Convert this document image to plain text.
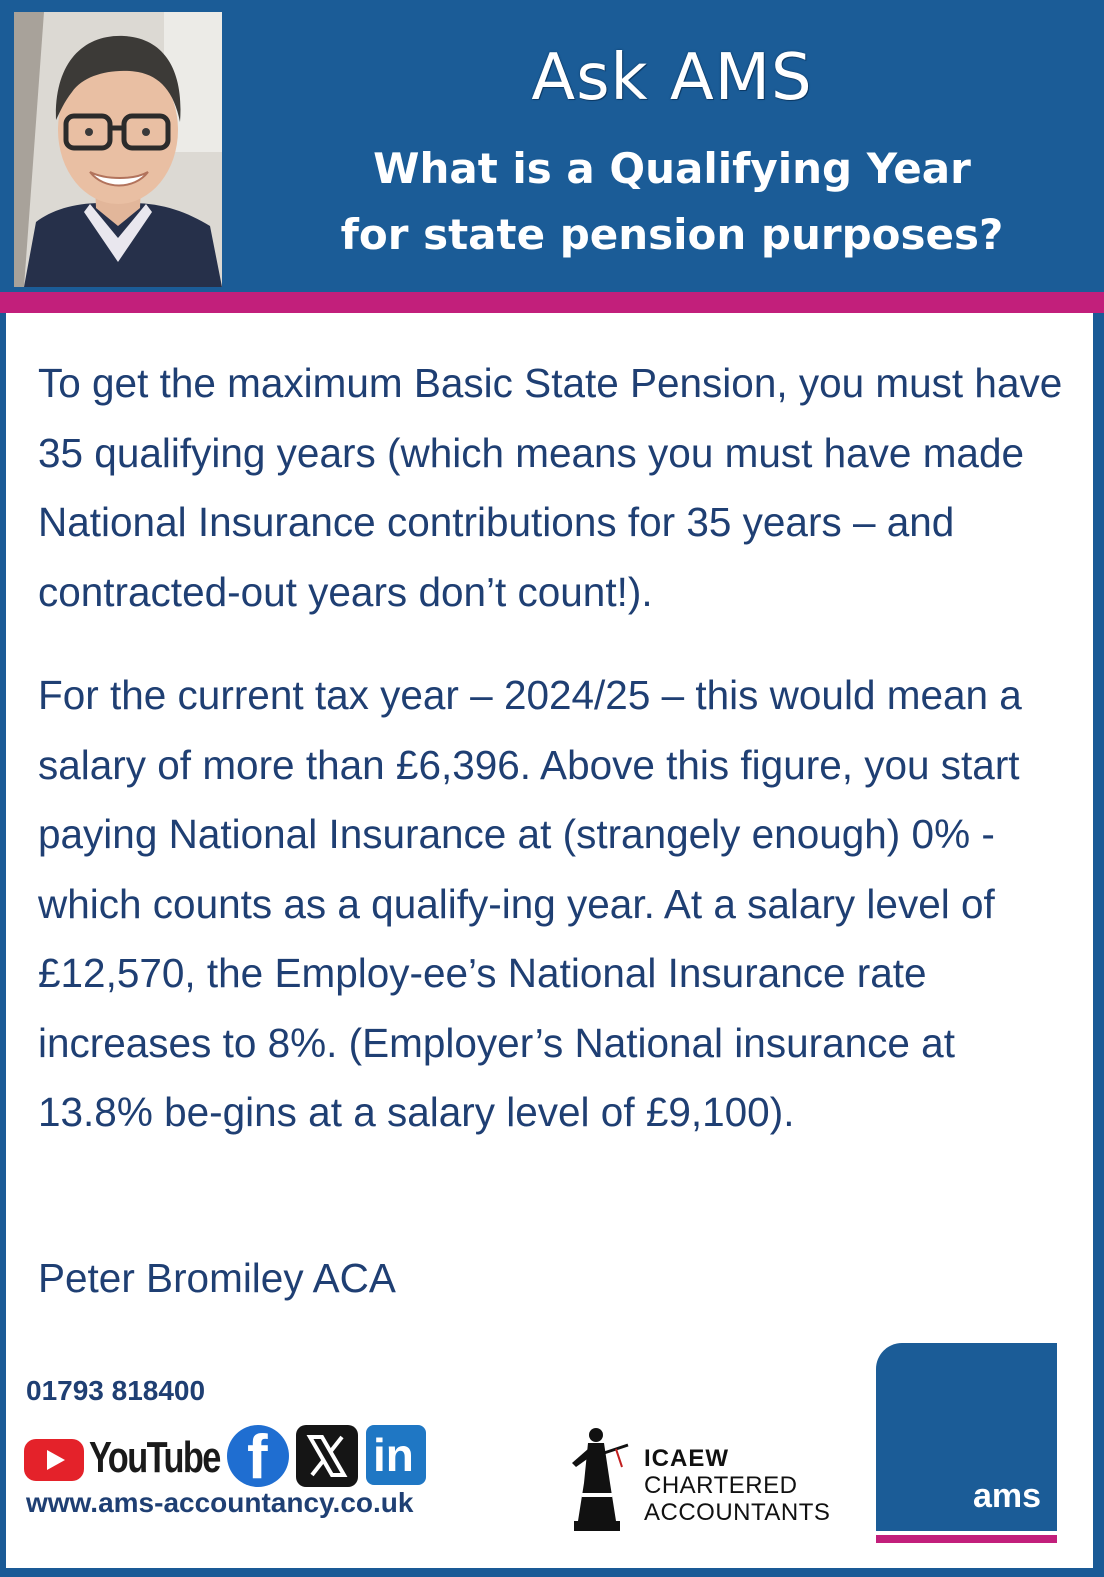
Ask AMS
What is a Qualifying Year
for state pension purposes?

To get the maximum Basic State Pension, you must have 35 qualifying years (which means you must have made National Insurance contributions for 35 years – and contracted-out years don’t count!).

For the current tax year – 2024/25 – this would mean a salary of more than £6,396. Above this figure, you start paying National Insurance at (strangely enough) 0% - which counts as a qualify-ing year. At a salary level of £12,570, the Employ-ee’s National Insurance rate increases to 8%. (Employer’s National insurance at 13.8% be-gins at a salary level of £9,100).

Peter Bromiley ACA

01793 818400
YouTube f in
www.ams-accountancy.co.uk
ICAEW
CHARTERED
ACCOUNTANTS	ams
